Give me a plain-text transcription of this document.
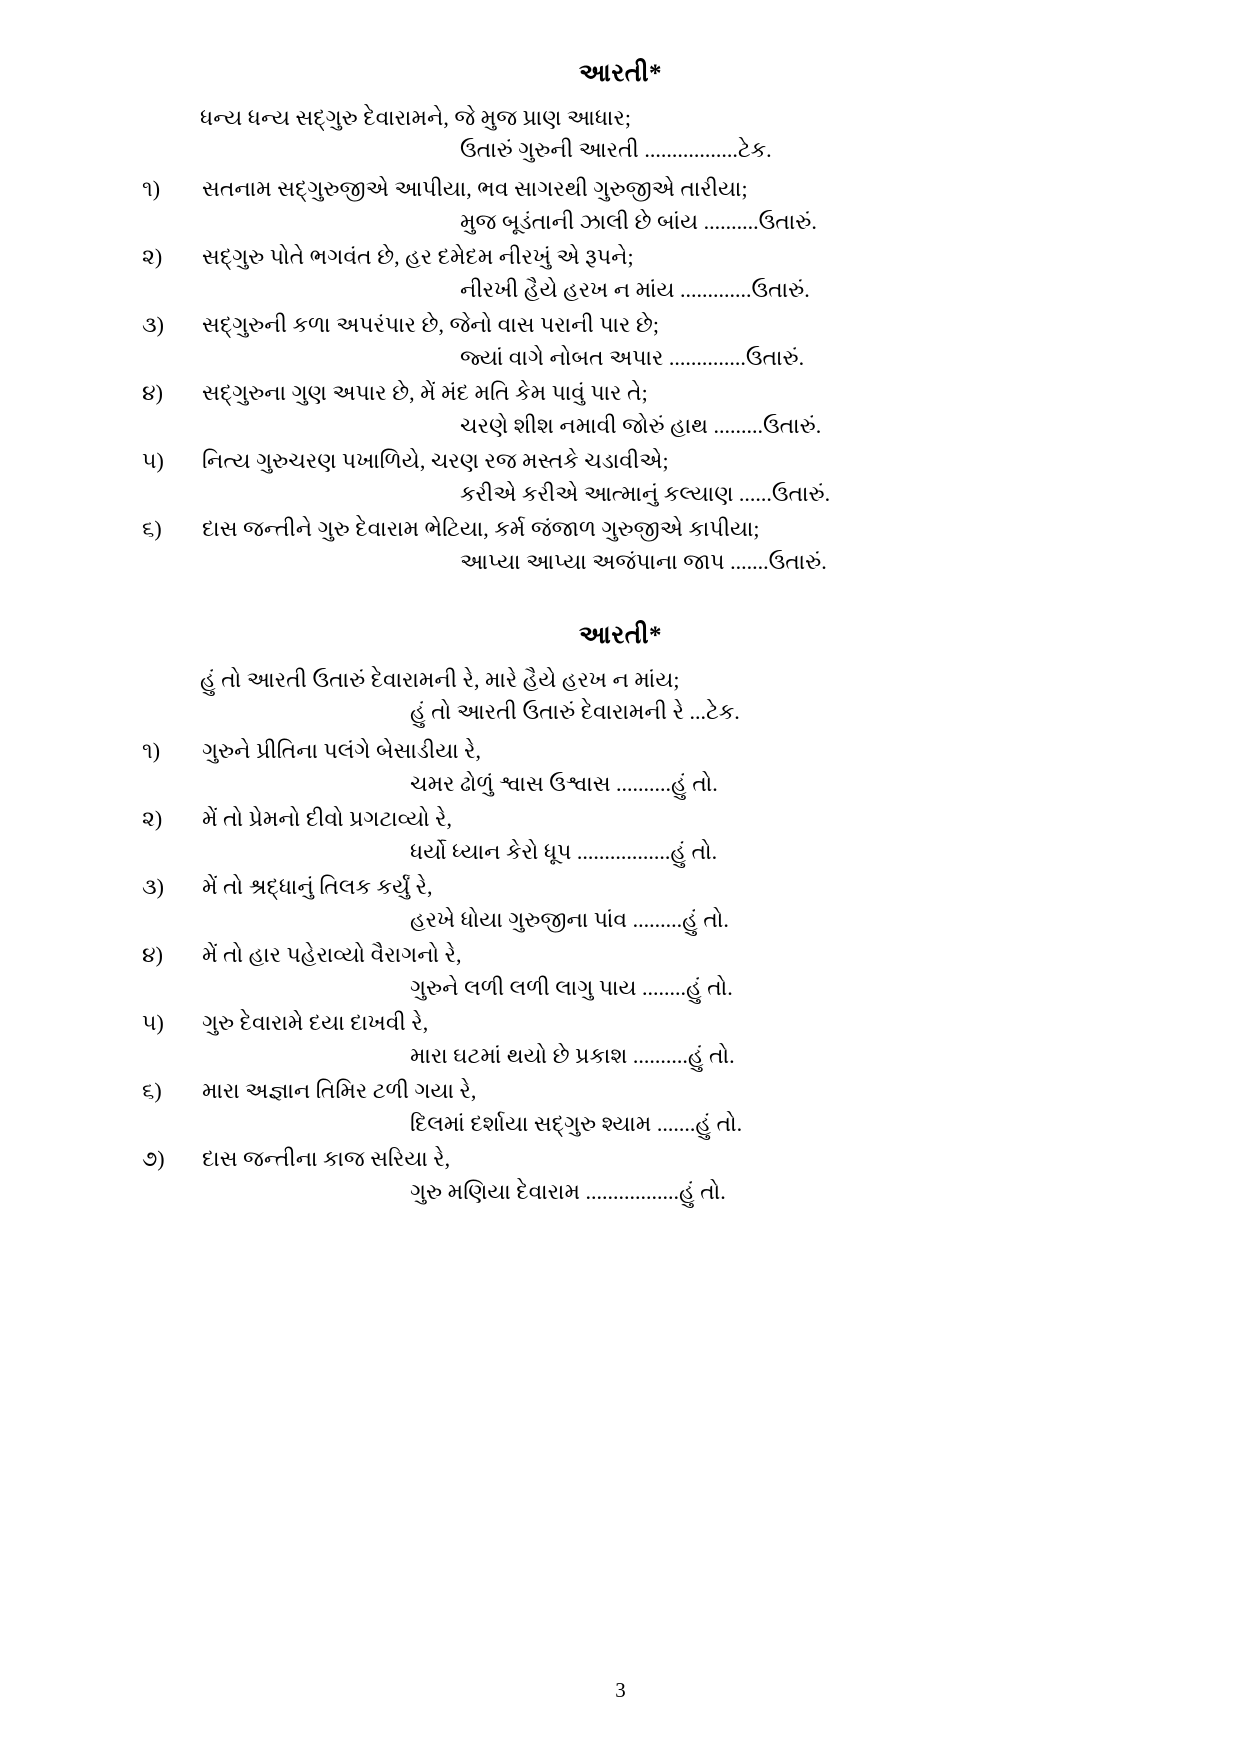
આરતી*
ધન્ય ધન્ય સદ્ગુરુ દેવારામને, જે મુજ પ્રાણ આધાર;
ઉતારું ગુરુની આરતી .................ટેક.
૧) સતનામ સદ્ગુરુજીએ આપીયા, ભવ સાગરથી ગુરુજીએ તારીયા;
મુજ બૂડંતાની ઝાલી છે બાંય ..........ઉતારું.
૨) સદ્ગુરુ પોતે ભગવંત છે, હર દમેદમ નીરખું એ રૂપને;
નીરખી હૈયે હરખ ન માંય .............ઉતારું.
૩) સદ્ગુરુની કળા અપરંપાર છે, જેનો વાસ પરાની પાર છે;
જ્યાં વાગે નોબત અપાર ..............ઉતારું.
૪) સદ્ગુરુના ગુણ અપાર છે, મેં મંદ મતિ કેમ પાવું પાર તે;
ચરણે શીશ નમાવી જોરું હાથ .........ઉતારું.
૫) નિત્ય ગુરુચરણ પખાળિયે, ચરણ રજ મસ્તકે ચડાવીએ;
કરીએ કરીએ આત્માનું કલ્યાણ ......ઉતારું.
૬) દાસ જન્તીને ગુરુ દેવારામ ભેટિયા, કર્મ જંજાળ ગુરુજીએ કાપીયા;
આપ્યા આપ્યા અજંપાના જાપ .......ઉતારું.
આરતી*
હું તો આરતી ઉતારું દેવારામની રે, મારે હૈયે હરખ ન માંય;
હું તો આરતી ઉતારું દેવારામની રે ...ટેક.
૧) ગુરુને પ્રીતિના પલંગે બેસાડીયા રે,
ચમર ઢોળું શ્વાસ ઉશ્વાસ ..........હું તો.
૨) મેં તો પ્રેમનો દીવો પ્રગટાવ્યો રે,
ધર્યો ધ્યાન કેરો ધૂપ .................હું તો.
૩) મેં તો શ્રદ્ધાનું તિલક કર્યું રે,
હરખે ધોયા ગુરુજીના પાંવ .........હું તો.
૪) મેં તો હાર પહેરાવ્યો વૈરાગનો રે,
ગુરુને લળી લળી લાગુ પાય ........હું તો.
૫) ગુરુ દેવારામે દયા દાખવી રે,
મારા ઘટમાં થયો છે પ્રકાશ ..........હું તો.
૬) મારા અજ્ઞાન તિમિર ટળી ગયા રે,
દિલમાં દર્શાયા સદ્ગુરુ શ્યામ .......હું તો.
૭) દાસ જન્તીના કાજ સરિયા રે,
ગુરુ મણિયા દેવારામ .................હું તો.
3
